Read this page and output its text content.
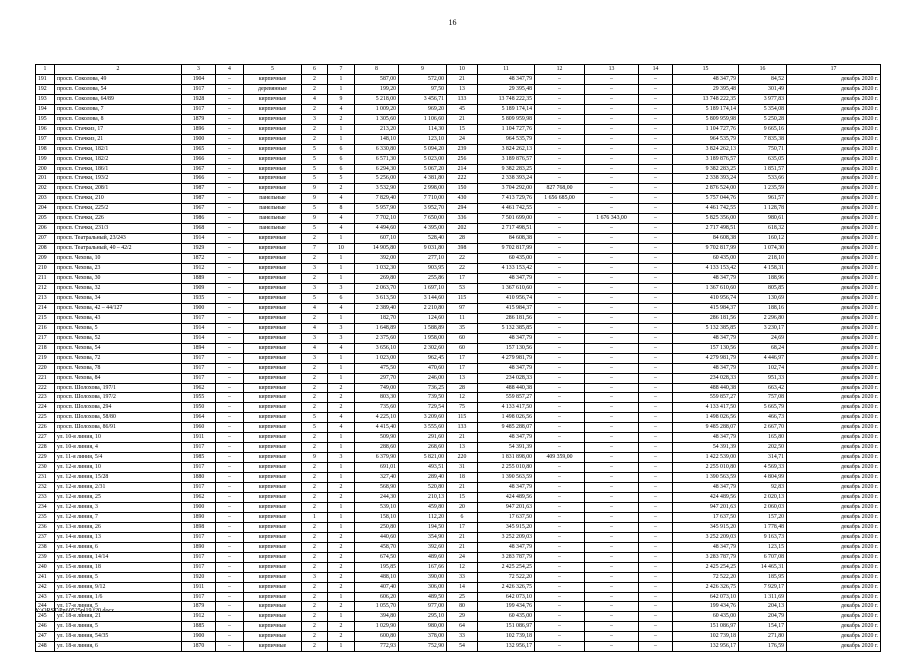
16
1	2	3	4	5	6	7	8	9	10	11	12	13	14	15	16	17
191	просп. Соколова, 49	1904	–	кирпичные	2	1	587,00	572,00	21	48 347,79	–	–	–	48 347,79	84,52	декабрь 2020 г.
192	просп. Соколова, 54	1917	–	деревянные	2	1	199,20	97,50	13	29 395,48	–	–	–	29 395,48	301,49	декабрь 2020 г.
193	просп. Соколова, 64/89	1928	–	кирпичные	4	9	5 218,00	3 456,71	133	13 748 222,35	–	–	–	13 748 222,35	3 977,83	декабрь 2020 г.
194	просп. Соколова, 7	1917	–	кирпичные	2	4	1 009,20	969,20	45	5 189 174,14	–	–	–	5 189 174,14	5 354,08	декабрь 2020 г.
195	просп. Соколова, 8	1879	–	кирпичные	3	2	1 305,60	1 106,60	21	5 809 959,98	–	–	–	5 809 959,98	5 250,28	декабрь 2020 г.
196	просп. Стачкиз, 17	1896	–	кирпичные	2	1	213,20	114,30	15	1 104 727,76	–	–	–	1 104 727,76	9 665,16	декабрь 2020 г.
197	просп. Стачкиз, 21	1900	–	кирпичные	2	1	148,10	123,10	24	964 535,79	–	–	–	964 535,79	7 835,38	декабрь 2020 г.
198	просп. Стачки, 182/1	1965	–	кирпичные	5	6	6 330,80	5 094,20	239	3 824 262,13	–	–	–	3 824 262,13	750,71	декабрь 2020 г.
199	просп. Стачки, 182/2	1966	–	кирпичные	5	6	6 571,30	5 023,00	256	3 189 876,57	–	–	–	3 189 876,57	635,05	декабрь 2020 г.
200	просп. Стачки, 186/1	1967	–	кирпичные	5	6	6 294,30	5 067,20	214	9 382 283,25	–	–	–	9 382 283,25	1 851,57	декабрь 2020 г.
201	просп. Стачки, 193/2	1966	–	кирпичные	5	5	5 256,00	4 381,80	222	2 338 393,24	–	–	–	2 338 393,24	533,66	декабрь 2020 г.
202	просп. Стачки, 208/1	1987	–	кирпичные	9	2	3 532,90	2 998,00	150	3 704 292,00	827 768,00	–	–	2 876 524,00	1 235,59	декабрь 2020 г.
203	просп. Стачки, 210	1987	–	панельные	9	4	7 829,40	7 710,00	430	7 413 729,76	1 656 685,00	–	–	5 757 044,76	961,57	декабрь 2020 г.
204	просп. Стачки, 225/2	1967	–	панельные	5	8	5 957,90	3 952,70	294	4 461 742,55	–	–	–	4 461 742,55	1 128,78	декабрь 2020 г.
205	просп. Стачки, 226	1986	–	панельные	9	4	7 702,10	7 650,00	336	7 501 699,00	–	1 676 343,00	–	5 825 356,00	980,61	декабрь 2020 г.
206	просп. Стачки, 231/3	1968	–	панельные	5	4	4 494,60	4 395,00	202	2 717 498,51	–	–	–	2 717 498,51	618,32	декабрь 2020 г.
207	просп. Театральный, 23/243	1914	–	кирпичные	2	1	607,10	528,40	28	84 608,38	–	–	–	84 608,38	160,12	декабрь 2020 г.
208	просп. Театральный, 40 – 42/2	1929	–	кирпичные	7	10	14 905,80	9 031,80	398	9 702 817,99	–	–	–	9 702 817,99	1 074,30	декабрь 2020 г.
209	просп. Чехова, 10	1872	–	кирпичные	2	1	392,00	277,10	22	60 435,00	–	–	–	60 435,00	218,10	декабрь 2020 г.
210	просп. Чехова, 23	1912	–	кирпичные	3	1	1 032,30	903,95	22	4 133 153,42	–	–	–	4 133 153,42	4 158,31	декабрь 2020 г.
211	просп. Чехова, 30	1889	–	кирпичные	2	1	269,80	255,86	17	48 347,79	–	–	–	48 347,79	188,96	декабрь 2020 г.
212	просп. Чехова, 32	1909	–	кирпичные	3	3	2 063,70	1 697,10	53	1 367 610,60	–	–	–	1 367 610,60	805,85	декабрь 2020 г.
213	просп. Чехова, 34	1935	–	кирпичные	5	6	3 613,50	3 144,60	115	410 956,74	–	–	–	410 956,74	130,69	декабрь 2020 г.
214	просп. Чехова, 42 – 44/127	1900	–	кирпичные	4	4	2 389,40	2 210,80	97	415 984,37	–	–	–	415 984,37	188,16	декабрь 2020 г.
215	просп. Чехова, 43	1917	–	кирпичные	2	1	182,70	124,60	11	286 181,56	–	–	–	286 181,56	2 296,80	декабрь 2020 г.
216	просп. Чехова, 5	1914	–	кирпичные	4	3	1 648,89	1 588,89	35	5 132 385,85	–	–	–	5 132 385,85	3 230,17	декабрь 2020 г.
217	просп. Чехова, 52	1914	–	кирпичные	3	3	2 375,60	1 958,00	60	48 347,79	–	–	–	48 347,79	24,69	декабрь 2020 г.
218	просп. Чехова, 54	1894	–	кирпичные	4	4	3 656,10	2 302,60	60	157 130,56	–	–	–	157 130,56	68,24	декабрь 2020 г.
219	просп. Чехова, 72	1917	–	кирпичные	3	1	1 023,00	962,45	17	4 279 981,79	–	–	–	4 279 981,79	4 446,97	декабрь 2020 г.
220	просп. Чехова, 78	1917	–	кирпичные	2	1	475,50	470,60	17	48 347,79	–	–	–	48 347,79	102,74	декабрь 2020 г.
221	просп. Чехова, 84	1917	–	кирпичные	2	1	297,70	246,00	13	234 028,33	–	–	–	234 028,33	951,33	декабрь 2020 г.
222	просп. Шолохова, 197/1	1962	–	кирпичные	2	2	749,00	736,25	28	488 440,38	–	–	–	488 440,38	663,42	декабрь 2020 г.
223	просп. Шолохова, 197/2	1955	–	кирпичные	2	2	803,30	739,50	12	559 857,27	–	–	–	559 857,27	757,08	декабрь 2020 г.
224	просп. Шолохова, 294	1950	–	кирпичные	2	2	735,60	729,54	75	4 133 417,50	–	–	–	4 133 417,50	5 665,79	декабрь 2020 г.
225	просп. Шолохова, 58/80	1964	–	кирпичные	5	4	4 225,10	3 209,60	115	1 498 026,56	–	–	–	1 498 026,56	466,73	декабрь 2020 г.
226	просп. Шолохова, 86/91	1960	–	кирпичные	5	4	4 415,40	3 555,60	133	9 485 288,07	–	–	–	9 485 288,07	2 667,70	декабрь 2020 г.
227	ул. 10-я линия, 10	1911	–	кирпичные	2	1	509,90	291,60	21	48 347,79	–	–	–	48 347,79	165,80	декабрь 2020 г.
228	ул. 10-я линия, 4	1917	–	кирпичные	2	1	288,60	268,60	13	54 391,39	–	–	–	54 391,39	202,50	декабрь 2020 г.
229	ул. 11-я линия, 5/4	1985	–	кирпичные	9	3	6 379,90	5 821,00	220	1 831 898,00	409 359,00	–	–	1 422 539,00	314,71	декабрь 2020 г.
230	ул. 12-я линия, 10	1917	–	кирпичные	2	1	691,01	493,51	31	2 255 010,80	–	–	–	2 255 010,80	4 569,33	декабрь 2020 г.
231	ул. 12-я линия, 15/28	1880	–	кирпичные	2	1	327,40	289,40	18	1 390 563,59	–	–	–	1 390 563,59	4 804,99	декабрь 2020 г.
232	ул. 12-я линия, 2/31	1917	–	кирпичные	2	2	568,90	520,80	21	48 347,79	–	–	–	48 347,79	92,83	декабрь 2020 г.
233	ул. 12-я линия, 25	1962	–	кирпичные	2	2	244,30	210,13	15	424 489,56	–	–	–	424 489,56	2 020,13	декабрь 2020 г.
234	ул. 12-я линия, 3	1900	–	кирпичные	2	1	539,10	459,80	20	947 201,63	–	–	–	947 201,63	2 060,03	декабрь 2020 г.
235	ул. 12-я линия, 7	1890	–	кирпичные	1	1	158,10	112,20	6	17 637,50	–	–	–	17 637,50	157,20	декабрь 2020 г.
236	ул. 13-я линия, 26	1898	–	кирпичные	2	1	250,80	194,50	17	345 915,20	–	–	–	345 915,20	1 778,48	декабрь 2020 г.
237	ул. 14-я линия, 13	1917	–	кирпичные	2	2	440,60	354,90	21	3 252 209,03	–	–	–	3 252 209,03	9 163,73	декабрь 2020 г.
238	ул. 14-я линия, 6	1890	–	кирпичные	2	2	458,70	392,60	21	48 347,79	–	–	–	48 347,79	123,15	декабрь 2020 г.
239	ул. 15-я линия, 14/14	1917	–	кирпичные	2	2	674,50	489,60	24	3 283 787,79	–	–	–	3 283 787,79	6 707,08	декабрь 2020 г.
240	ул. 15-я линия, 18	1917	–	кирпичные	2	2	195,85	167,66	12	2 425 254,25	–	–	–	2 425 254,25	14 465,31	декабрь 2020 г.
241	ул. 16-я линия, 5	1920	–	кирпичные	3	2	488,10	390,00	33	72 522,20	–	–	–	72 522,20	185,95	декабрь 2020 г.
242	ул. 16-я линия, 9/12	1911	–	кирпичные	2	2	407,40	306,00	14	2 426 326,75	–	–	–	2 426 326,75	7 929,17	декабрь 2020 г.
243	ул. 17-я линия, 1/6	1917	–	кирпичные	2	1	606,20	489,50	25	642 073,10	–	–	–	642 073,10	1 311,69	декабрь 2020 г.
244	ул. 17-я линия, 5	1879	–	кирпичные	2	2	1 055,70	977,00	80	199 434,76	–	–	–	199 434,76	204,13	декабрь 2020 г.
245	ул. 18-я линия, 21	1912	–	кирпичные	2	1	394,80	295,10	29	60 435,00	–	–	–	60 435,00	204,79	декабрь 2020 г.
246	ул. 18-я линия, 5	1885	–	кирпичные	2	2	1 029,90	980,00	64	151 086,97	–	–	–	151 086,97	154,17	декабрь 2020 г.
247	ул. 18-я линия, 54/35	1900	–	кирпичные	2	2	600,80	378,00	33	102 739,18	–	–	–	102 739,18	271,80	декабрь 2020 г.
248	ул. 18-я линия, 6	1870	–	кирпичные	2	1	772,93	752,90	54	132 956,17	–	–	–	132 956,17	176,59	декабрь 2020 г.
Y:\ORST\Ppi\0525pl19.f20.docx
